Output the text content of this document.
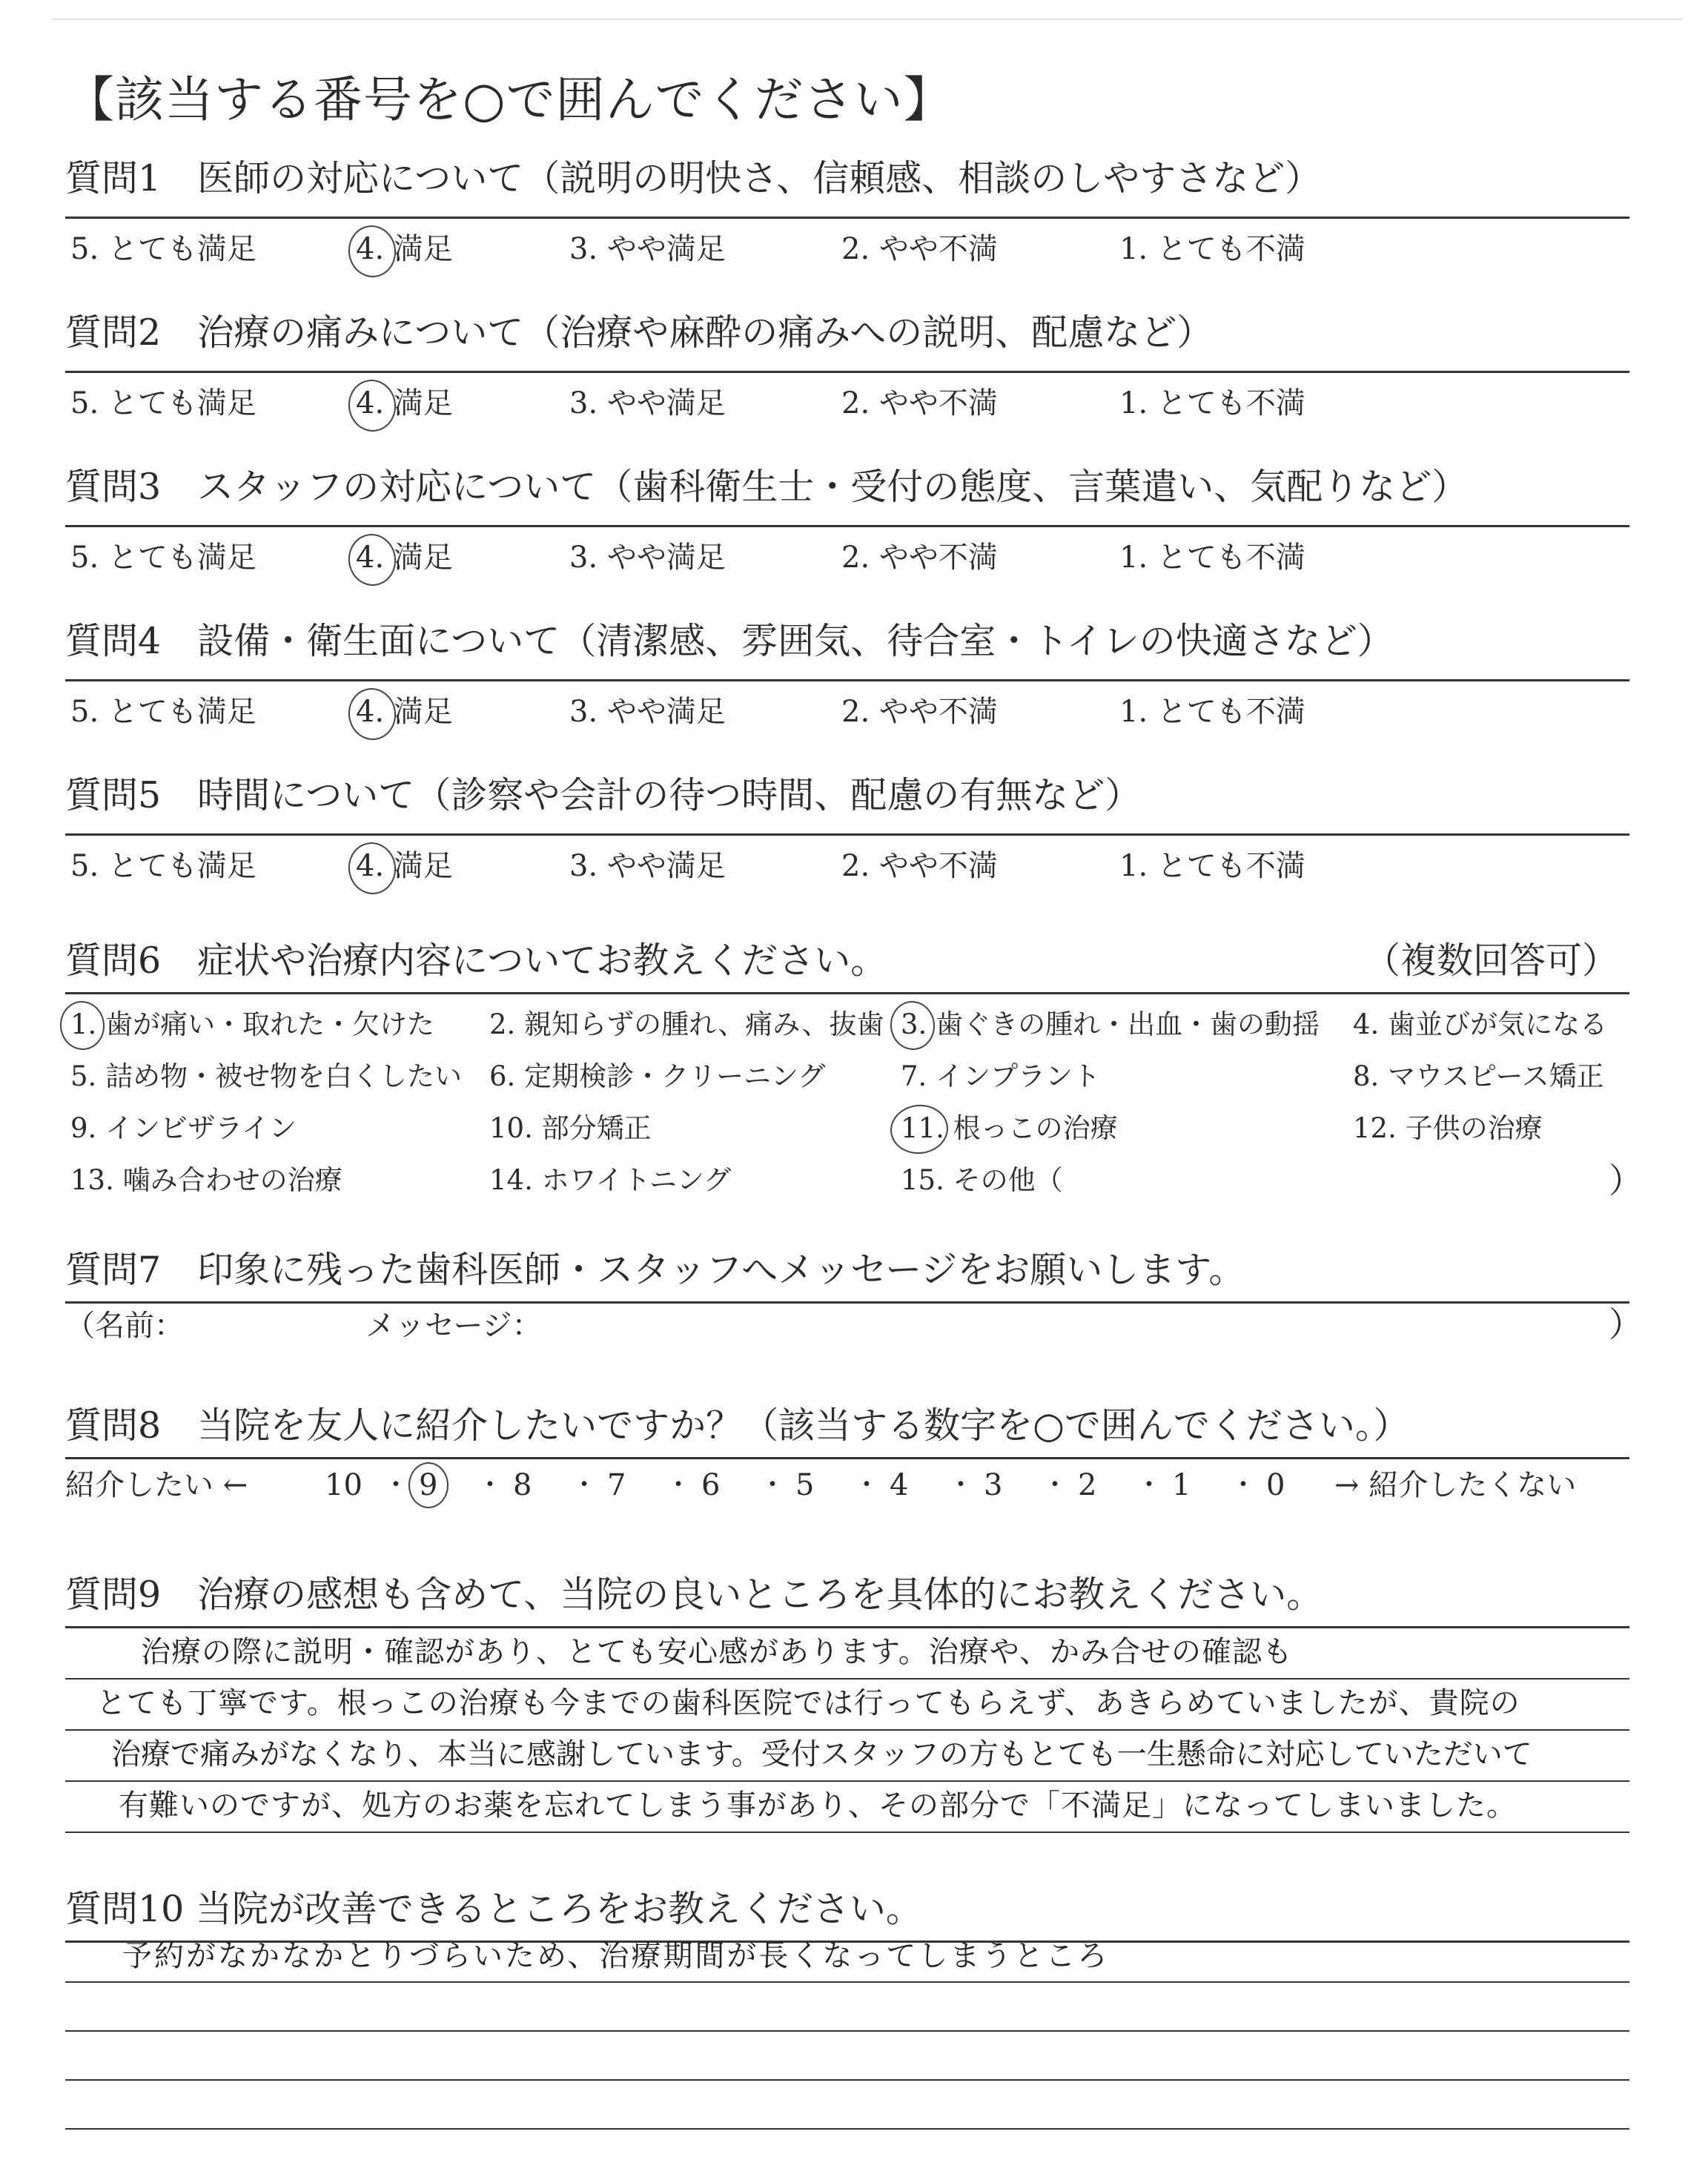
【該当する番号を○で囲んでください】
質問6　症状や治療内容についてお教えください。	（複数回答可）
）
質問7　印象に残った歯科医師・スタッフへメッセージをお願いします。
（名前：	メッセージ：	）
質問8　当院を友人に紹介したいですか？（該当する数字を○で囲んでください。）
紹介したい ←	→ 紹介したくない
質問9　治療の感想も含めて、当院の良いところを具体的にお教えください。
質問10 当院が改善できるところをお教えください。
質問1　医師の対応について（説明の明快さ、信頼感、相談のしやすさなど）
5. とても満足	4. 満足	3. やや満足	2. やや不満	1. とても不満
質問2　治療の痛みについて（治療や麻酔の痛みへの説明、配慮など）
5. とても満足	4. 満足	3. やや満足	2. やや不満	1. とても不満
質問3　スタッフの対応について（歯科衛生士・受付の態度、言葉遣い、気配りなど）
5. とても満足	4. 満足	3. やや満足	2. やや不満	1. とても不満
質問4　設備・衛生面について（清潔感、雰囲気、待合室・トイレの快適さなど）
5. とても満足	4. 満足	3. やや満足	2. やや不満	1. とても不満
質問5　時間について（診察や会計の待つ時間、配慮の有無など）
5. とても満足	4. 満足	3. やや満足	2. やや不満	1. とても不満
1. 歯が痛い・取れた・欠けた 2. 親知らずの腫れ、痛み、抜歯 3. 歯ぐきの腫れ・出血・歯の動揺 4. 歯並びが気になる
5. 詰め物・被せ物を白くしたい 6. 定期検診・クリーニング	7. インプラント	8. マウスピース矯正
9. インビザライン	10. 部分矯正	11. 根っこの治療	12. 子供の治療
13. 噛み合わせの治療	14. ホワイトニング	15. その他（
10 ・ 9 ・ 8 ・ 7 ・ 6 ・ 5 ・ 4 ・ 3 ・ 2 ・ 1 ・ 0
治療の際に説明・確認があり、とても安心感があります。治療や、かみ合せの確認も
とても丁寧です。根っこの治療も今までの歯科医院では行ってもらえず、あきらめていましたが、貴院の
治療で痛みがなくなり、本当に感謝しています。受付スタッフの方もとても一生懸命に対応していただいて
有難いのですが、処方のお薬を忘れてしまう事があり、その部分で「不満足」になってしまいました。
予約がなかなかとりづらいため、治療期間が長くなってしまうところ
